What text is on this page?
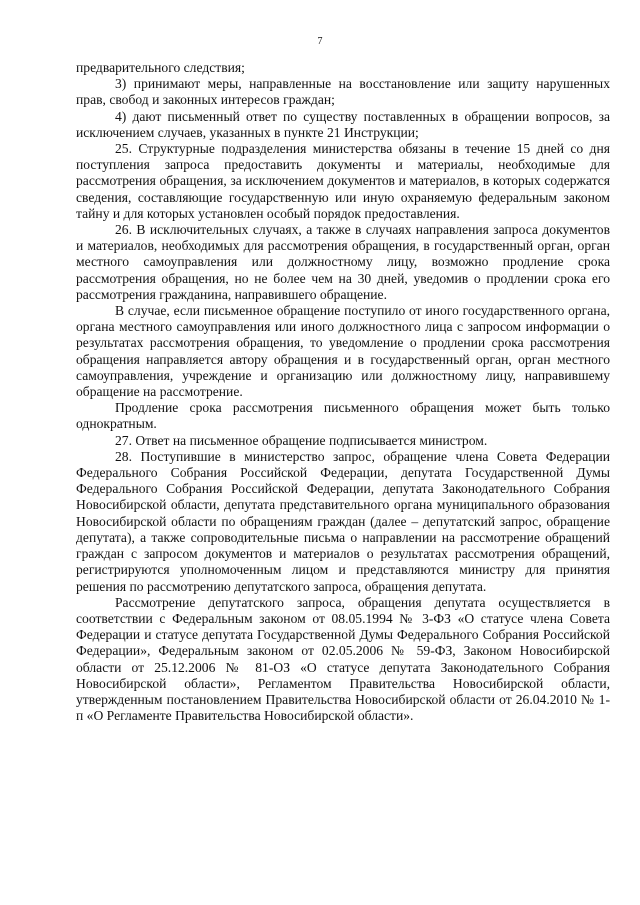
7

предварительного следствия;

3) принимают меры, направленные на восстановление или защиту нарушенных прав, свобод и законных интересов граждан;

4) дают письменный ответ по существу поставленных в обращении вопросов, за исключением случаев, указанных в пункте 21 Инструкции;

25. Структурные подразделения министерства обязаны в течение 15 дней со дня поступления запроса предоставить документы и материалы, необходимые для рассмотрения обращения, за исключением документов и материалов, в которых содержатся сведения, составляющие государственную или иную охраняемую федеральным законом тайну и для которых установлен особый порядок предоставления.

26. В исключительных случаях, а также в случаях направления запроса документов и материалов, необходимых для рассмотрения обращения, в государственный орган, орган местного самоуправления или должностному лицу, возможно продление срока рассмотрения обращения, но не более чем на 30 дней, уведомив о продлении срока его рассмотрения гражданина, направившего обращение.

В случае, если письменное обращение поступило от иного государственного органа, органа местного самоуправления или иного должностного лица с запросом информации о результатах рассмотрения обращения, то уведомление о продлении срока рассмотрения обращения направляется автору обращения и в государственный орган, орган местного самоуправления, учреждение и организацию или должностному лицу, направившему обращение на рассмотрение.

Продление срока рассмотрения письменного обращения может быть только однократным.

27. Ответ на письменное обращение подписывается министром.

28. Поступившие в министерство запрос, обращение члена Совета Федерации Федерального Собрания Российской Федерации, депутата Государственной Думы Федерального Собрания Российской Федерации, депутата Законодательного Собрания Новосибирской области, депутата представительного органа муниципального образования Новосибирской области по обращениям граждан (далее – депутатский запрос, обращение депутата), а также сопроводительные письма о направлении на рассмотрение обращений граждан с запросом документов и материалов о результатах рассмотрения обращений, регистрируются уполномоченным лицом и представляются министру для принятия решения по рассмотрению депутатского запроса, обращения депутата.

Рассмотрение депутатского запроса, обращения депутата осуществляется в соответствии с Федеральным законом от 08.05.1994 № 3-ФЗ «О статусе члена Совета Федерации и статусе депутата Государственной Думы Федерального Собрания Российской Федерации», Федеральным законом от 02.05.2006 № 59-ФЗ, Законом Новосибирской области от 25.12.2006 № 81-ОЗ «О статусе депутата Законодательного Собрания Новосибирской области», Регламентом Правительства Новосибирской области, утвержденным постановлением Правительства Новосибирской области от 26.04.2010 № 1-п «О Регламенте Правительства Новосибирской области».
